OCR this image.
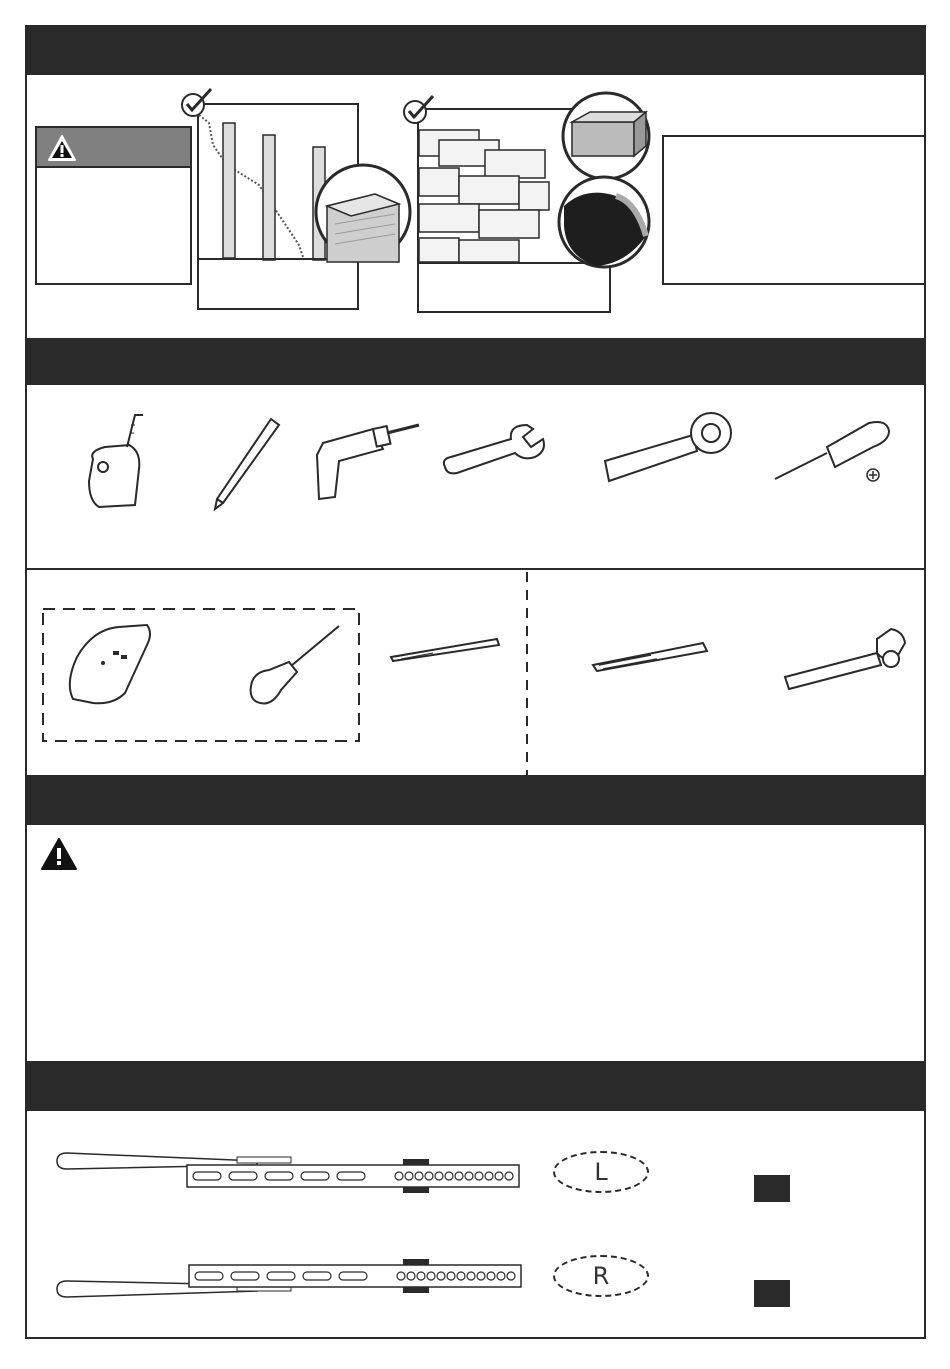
L
R
